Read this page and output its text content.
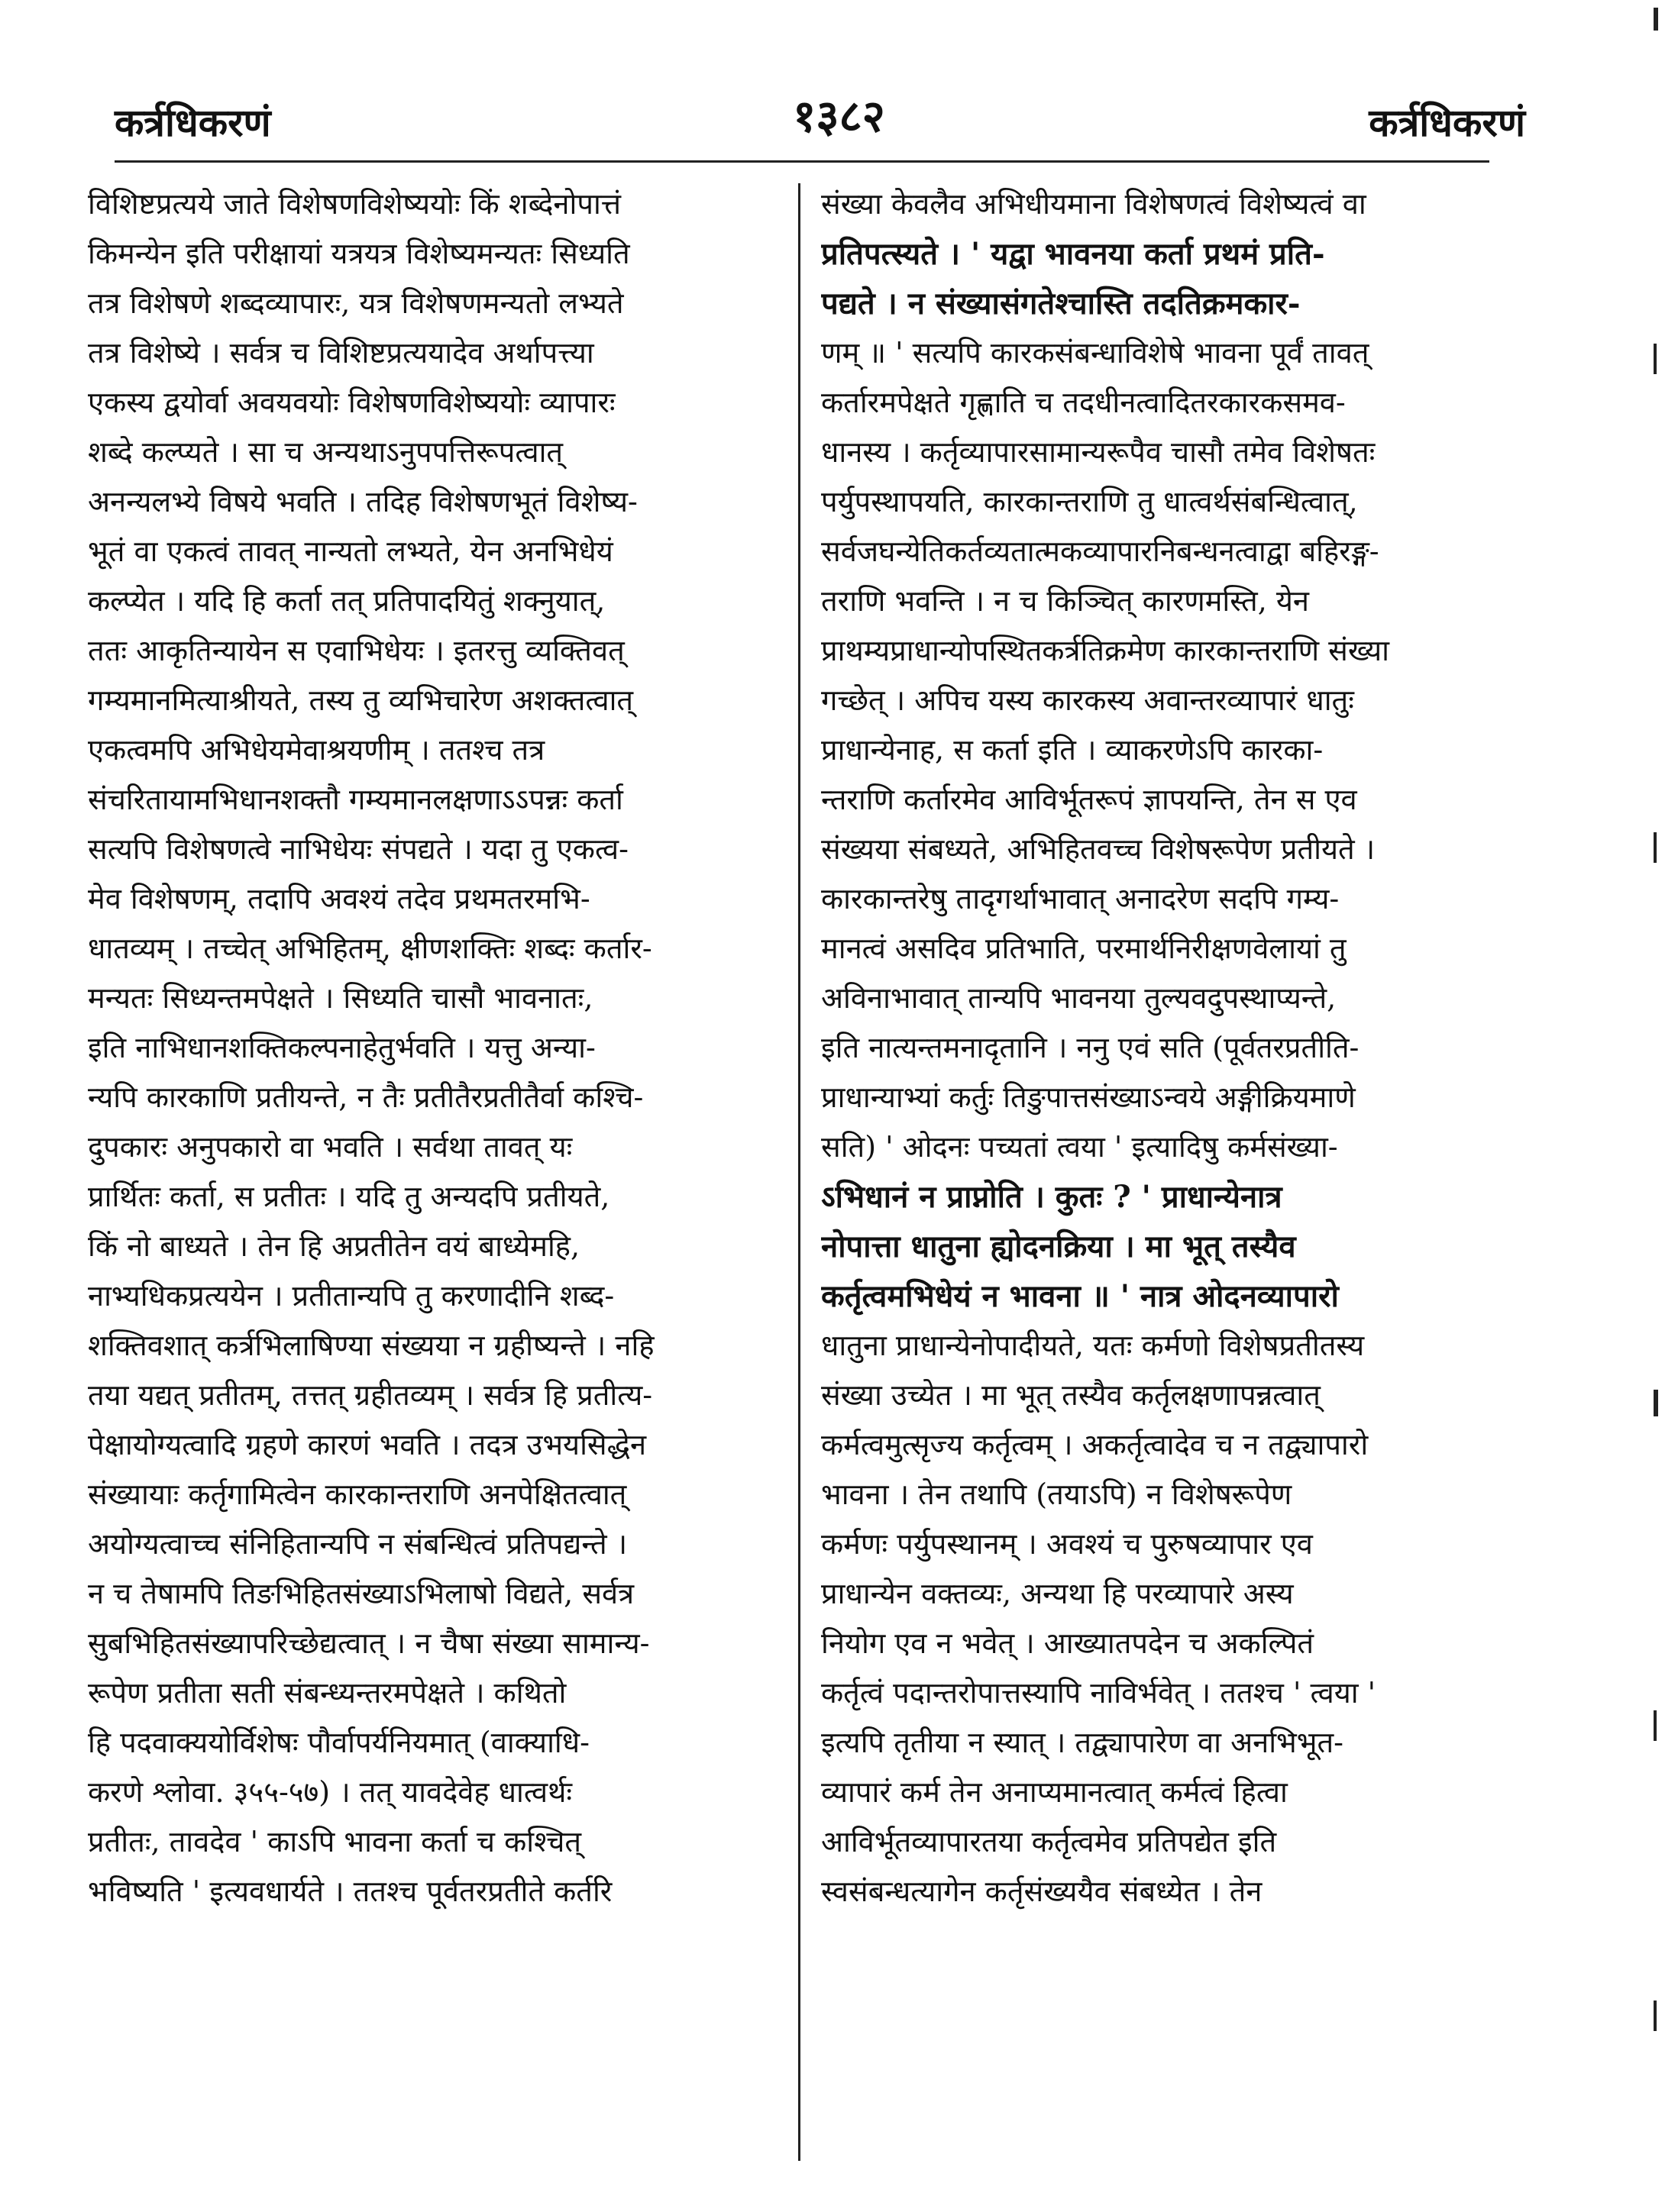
कर्त्रधिकरणं	१३८२	कर्त्रधिकरणं
विशिष्टप्रत्यये जाते विशेषणविशेष्ययोः किं शब्देनोपात्तं
किमन्येन इति परीक्षायां यत्रयत्र विशेष्यमन्यतः सिध्यति
तत्र विशेषणे शब्दव्यापारः, यत्र विशेषणमन्यतो लभ्यते
तत्र विशेष्ये । सर्वत्र च विशिष्टप्रत्ययादेव अर्थापत्त्या
एकस्य द्वयोर्वा अवयवयोः विशेषणविशेष्ययोः व्यापारः
शब्दे कल्प्यते । सा च अन्यथाऽनुपपत्तिरूपत्वात्
अनन्यलभ्ये विषये भवति । तदिह विशेषणभूतं विशेष्य-
भूतं वा एकत्वं तावत् नान्यतो लभ्यते, येन अनभिधेयं
कल्प्येत । यदि हि कर्ता तत् प्रतिपादयितुं शक्नुयात्,
ततः आकृतिन्यायेन स एवाभिधेयः । इतरत्तु व्यक्तिवत्
गम्यमानमित्याश्रीयते, तस्य तु व्यभिचारेण अशक्तत्वात्
एकत्वमपि अभिधेयमेवाश्रयणीम् । ततश्च तत्र
संचरितायामभिधानशक्तौ गम्यमानलक्षणाऽऽपन्नः कर्ता
सत्यपि विशेषणत्वे नाभिधेयः संपद्यते । यदा तु एकत्व-
मेव विशेषणम्, तदापि अवश्यं तदेव प्रथमतरमभि-
धातव्यम् । तच्चेत् अभिहितम्, क्षीणशक्तिः शब्दः कर्तार-
मन्यतः सिध्यन्तमपेक्षते । सिध्यति चासौ भावनातः,
इति नाभिधानशक्तिकल्पनाहेतुर्भवति । यत्तु अन्या-
न्यपि कारकाणि प्रतीयन्ते, न तैः प्रतीतैरप्रतीतैर्वा कश्चि-
दुपकारः अनुपकारो वा भवति । सर्वथा तावत् यः
प्रार्थितः कर्ता, स प्रतीतः । यदि तु अन्यदपि प्रतीयते,
किं नो बाध्यते । तेन हि अप्रतीतेन वयं बाध्येमहि,
नाभ्यधिकप्रत्ययेन । प्रतीतान्यपि तु करणादीनि शब्द-
शक्तिवशात् कर्त्रभिलाषिण्या संख्यया न ग्रहीष्यन्ते । नहि
तया यद्यत् प्रतीतम्, तत्तत् ग्रहीतव्यम् । सर्वत्र हि प्रतीत्य-
पेक्षायोग्यत्वादि ग्रहणे कारणं भवति । तदत्र उभयसिद्धेन
संख्यायाः कर्तृगामित्वेन कारकान्तराणि अनपेक्षितत्वात्
अयोग्यत्वाच्च संनिहितान्यपि न संबन्धित्वं प्रतिपद्यन्ते ।
न च तेषामपि तिङभिहितसंख्याऽभिलाषो विद्यते, सर्वत्र
सुबभिहितसंख्यापरिच्छेद्यत्वात् । न चैषा संख्या सामान्य-
रूपेण प्रतीता सती संबन्ध्यन्तरमपेक्षते । कथितो
हि पदवाक्ययोर्विशेषः पौर्वापर्यनियमात् (वाक्याधि-
करणे श्लोवा. ३५५-५७) । तत् यावदेवेह धात्वर्थः
प्रतीतः, तावदेव ' काऽपि भावना कर्ता च कश्चित्
भविष्यति ' इत्यवधार्यते । ततश्च पूर्वतरप्रतीते कर्तरि
संख्या केवलैव अभिधीयमाना विशेषणत्वं विशेष्यत्वं वा
प्रतिपत्स्यते । ' यद्वा भावनया कर्ता प्रथमं प्रति-
पद्यते । न संख्यासंगतेश्चास्ति तदतिक्रमकार-
णम् ॥ ' सत्यपि कारकसंबन्धाविशेषे भावना पूर्वं तावत्
कर्तारमपेक्षते गृह्णाति च तदधीनत्वादितरकारकसमव-
धानस्य । कर्तृव्यापारसामान्यरूपैव चासौ तमेव विशेषतः
पर्युपस्थापयति, कारकान्तराणि तु धात्वर्थसंबन्धित्वात्,
सर्वजघन्येतिकर्तव्यतात्मकव्यापारनिबन्धनत्वाद्वा बहिरङ्ग-
तराणि भवन्ति । न च किञ्चित् कारणमस्ति, येन
प्राथम्यप्राधान्योपस्थितकर्त्रतिक्रमेण कारकान्तराणि संख्या
गच्छेत् । अपिच यस्य कारकस्य अवान्तरव्यापारं धातुः
प्राधान्येनाह, स कर्ता इति । व्याकरणेऽपि कारका-
न्तराणि कर्तारमेव आविर्भूतरूपं ज्ञापयन्ति, तेन स एव
संख्यया संबध्यते, अभिहितवच्च विशेषरूपेण प्रतीयते ।
कारकान्तरेषु तादृगर्थाभावात् अनादरेण सदपि गम्य-
मानत्वं असदिव प्रतिभाति, परमार्थनिरीक्षणवेलायां तु
अविनाभावात् तान्यपि भावनया तुल्यवदुपस्थाप्यन्ते,
इति नात्यन्तमनादृतानि । ननु एवं सति (पूर्वतरप्रतीति-
प्राधान्याभ्यां कर्तुः तिङुपात्तसंख्याऽन्वये अङ्गीक्रियमाणे
सति) ' ओदनः पच्यतां त्वया ' इत्यादिषु कर्मसंख्या-
ऽभिधानं न प्राप्नोति । कुतः ? ' प्राधान्येनात्र
नोपात्ता धातुना ह्योदनक्रिया । मा भूत् तस्यैव
कर्तृत्वमभिधेयं न भावना ॥ ' नात्र ओदनव्यापारो
धातुना प्राधान्येनोपादीयते, यतः कर्मणो विशेषप्रतीतस्य
संख्या उच्येत । मा भूत् तस्यैव कर्तृलक्षणापन्नत्वात्
कर्मत्वमुत्सृज्य कर्तृत्वम् । अकर्तृत्वादेव च न तद्व्यापारो
भावना । तेन तथापि (तयाऽपि) न विशेषरूपेण
कर्मणः पर्युपस्थानम् । अवश्यं च पुरुषव्यापार एव
प्राधान्येन वक्तव्यः, अन्यथा हि परव्यापारे अस्य
नियोग एव न भवेत् । आख्यातपदेन च अकल्पितं
कर्तृत्वं पदान्तरोपात्तस्यापि नाविर्भवेत् । ततश्च ' त्वया '
इत्यपि तृतीया न स्यात् । तद्व्यापारेण वा अनभिभूत-
व्यापारं कर्म तेन अनाप्यमानत्वात् कर्मत्वं हित्वा
आविर्भूतव्यापारतया कर्तृत्वमेव प्रतिपद्येत इति
स्वसंबन्धत्यागेन कर्तृसंख्ययैव संबध्येत । तेन
